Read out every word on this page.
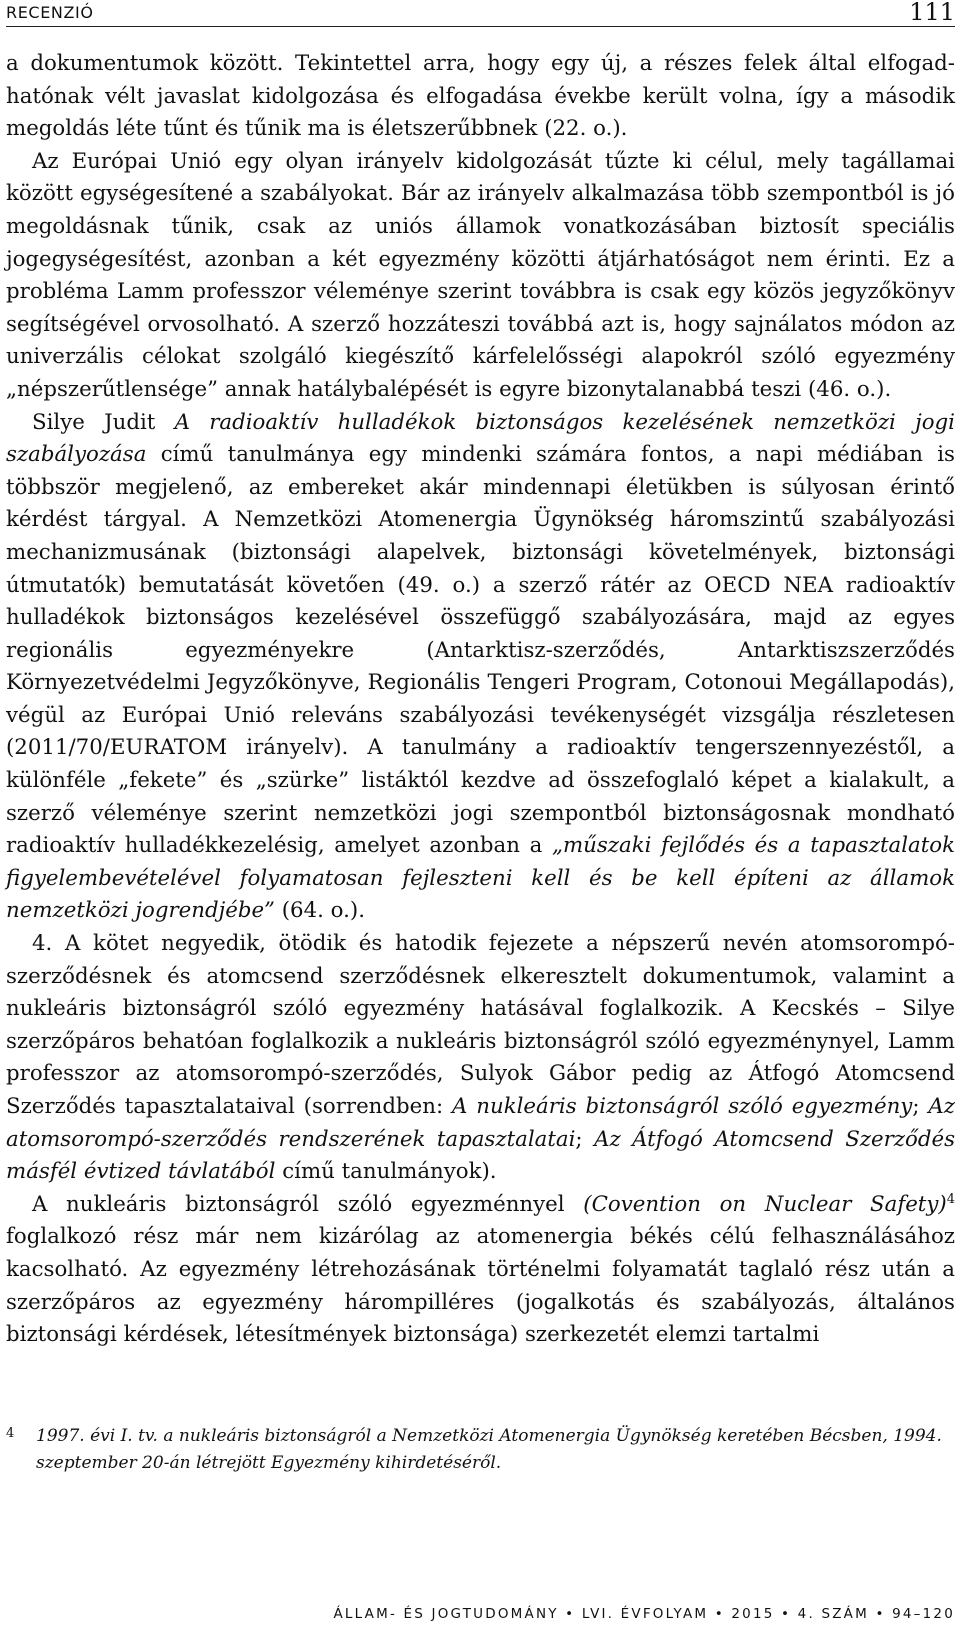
RECENZIÓ	111

a dokumentumok között. Tekintettel arra, hogy egy új, a részes felek által elfogadhatónak vélt javaslat kidolgozása és elfogadása évekbe került volna, így a második megoldás léte tűnt és tűnik ma is életszerűbbnek (22. o.).

Az Európai Unió egy olyan irányelv kidolgozását tűzte ki célul, mely tagállamai között egységesítené a szabályokat. Bár az irányelv alkalmazása több szempontból is jó megoldásnak tűnik, csak az uniós államok vonatkozásában biztosít speciális jogegységesítést, azonban a két egyezmény közötti átjárhatóságot nem érinti. Ez a probléma Lamm professzor véleménye szerint továbbra is csak egy közös jegyzőkönyv segítségével orvosolható. A szerző hozzáteszi továbbá azt is, hogy sajnálatos módon az univerzális célokat szolgáló kiegészítő kárfelelősségi alapokról szóló egyezmény „népszerűtlensége” annak hatálybalépését is egyre bizonytalanabbá teszi (46. o.).

Silye Judit A radioaktív hulladékok biztonságos kezelésének nemzetközi jogi szabályozása című tanulmánya egy mindenki számára fontos, a napi médiában is többször megjelenő, az embereket akár mindennapi életükben is súlyosan érintő kérdést tárgyal. A Nemzetközi Atomenergia Ügynökség háromszintű szabályozási mechanizmusának (biztonsági alapelvek, biztonsági követelmények, biztonsági útmutatók) bemutatását követően (49. o.) a szerző rátér az OECD NEA radioaktív hulladékok biztonságos kezelésével összefüggő szabályozására, majd az egyes regionális egyezményekre (Antarktisz-szerződés, Antarktiszszerződés Környezetvédelmi Jegyzőkönyve, Regionális Tengeri Program, Cotonoui Megállapodás), végül az Európai Unió releváns szabályozási tevékenységét vizsgálja részletesen (2011/70/EURATOM irányelv). A tanulmány a radioaktív tengerszennyezéstől, a különféle „fekete” és „szürke” listáktól kezdve ad összefoglaló képet a kialakult, a szerző véleménye szerint nemzetközi jogi szempontból biztonságosnak mondható radioaktív hulladékkezelésig, amelyet azonban a „műszaki fejlődés és a tapasztalatok figyelembevételével folyamatosan fejleszteni kell és be kell építeni az államok nemzetközi jogrendjébe” (64. o.).

4. A kötet negyedik, ötödik és hatodik fejezete a népszerű nevén atomsorompó-szerződésnek és atomcsend szerződésnek elkeresztelt dokumentumok, valamint a nukleáris biztonságról szóló egyezmény hatásával foglalkozik. A Kecskés – Silye szerzőpáros behatóan foglalkozik a nukleáris biztonságról szóló egyezménynyel, Lamm professzor az atomsorompó-szerződés, Sulyok Gábor pedig az Átfogó Atomcsend Szerződés tapasztalataival (sorrendben: A nukleáris biztonságról szóló egyezmény; Az atomsorompó-szerződés rendszerének tapasztalatai; Az Átfogó Atomcsend Szerződés másfél évtized távlatából című tanulmányok).

A nukleáris biztonságról szóló egyezménnyel (Covention on Nuclear Safety)$^4$ foglalkozó rész már nem kizárólag az atomenergia békés célú felhasználásához kacsolható. Az egyezmény létrehozásának történelmi folyamatát taglaló rész után a szerzőpáros az egyezmény hárompilléres (jogalkotás és szabályozás, általános biztonsági kérdések, létesítmények biztonsága) szerkezetét elemzi tartalmi

4	1997. évi I. tv. a nukleáris biztonságról a Nemzetközi Atomenergia Ügynökség keretében Bécsben, 1994. szeptember 20-án létrejött Egyezmény kihirdetéséről.
ÁLLAM- ÉS JOGTUDOMÁNY • LVI. ÉVFOLYAM • 2015 • 4. SZÁM • 94–120
